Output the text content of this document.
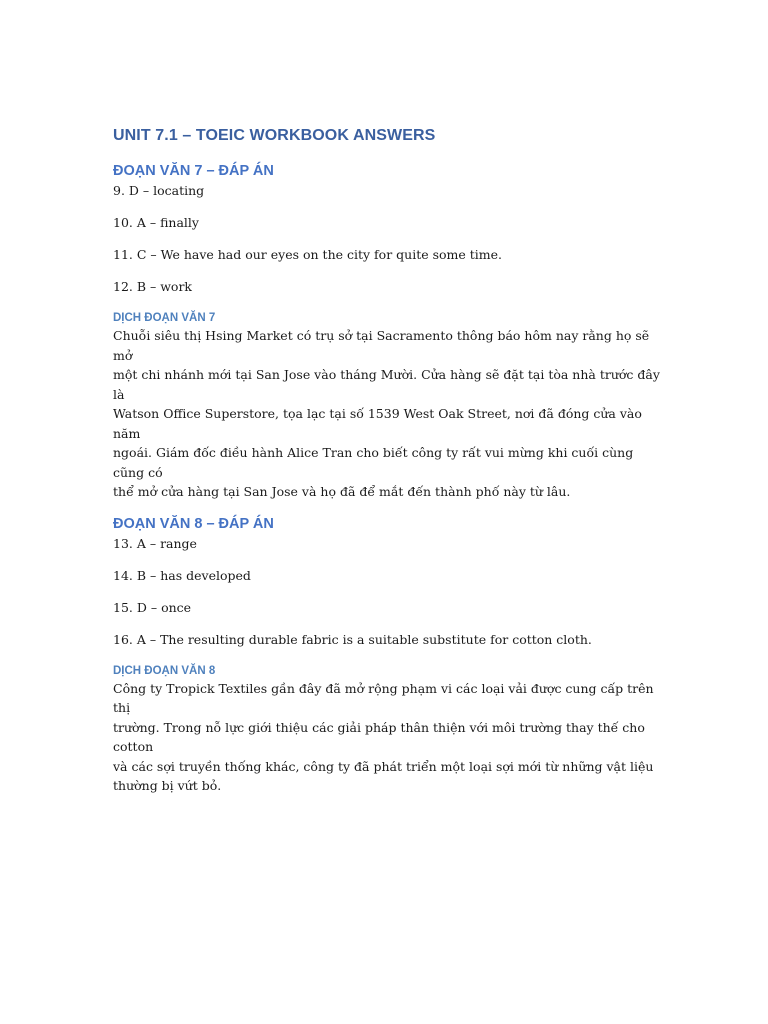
UNIT 7.1 – TOEIC WORKBOOK ANSWERS
ĐOẠN VĂN 7 – ĐÁP ÁN

9. D – locating

10. A – finally

11. C – We have had our eyes on the city for quite some time.

12. B – work

DỊCH ĐOẠN VĂN 7

Chuỗi siêu thị Hsing Market có trụ sở tại Sacramento thông báo hôm nay rằng họ sẽ mở

một chi nhánh mới tại San Jose vào tháng Mười. Cửa hàng sẽ đặt tại tòa nhà trước đây là

Watson Office Superstore, tọa lạc tại số 1539 West Oak Street, nơi đã đóng cửa vào năm

ngoái. Giám đốc điều hành Alice Tran cho biết công ty rất vui mừng khi cuối cùng cũng có

thể mở cửa hàng tại San Jose và họ đã để mắt đến thành phố này từ lâu.

ĐOẠN VĂN 8 – ĐÁP ÁN

13. A – range

14. B – has developed

15. D – once

16. A – The resulting durable fabric is a suitable substitute for cotton cloth.

DỊCH ĐOẠN VĂN 8

Công ty Tropick Textiles gần đây đã mở rộng phạm vi các loại vải được cung cấp trên thị

trường. Trong nỗ lực giới thiệu các giải pháp thân thiện với môi trường thay thế cho cotton

và các sợi truyền thống khác, công ty đã phát triển một loại sợi mới từ những vật liệu

thường bị vứt bỏ.
